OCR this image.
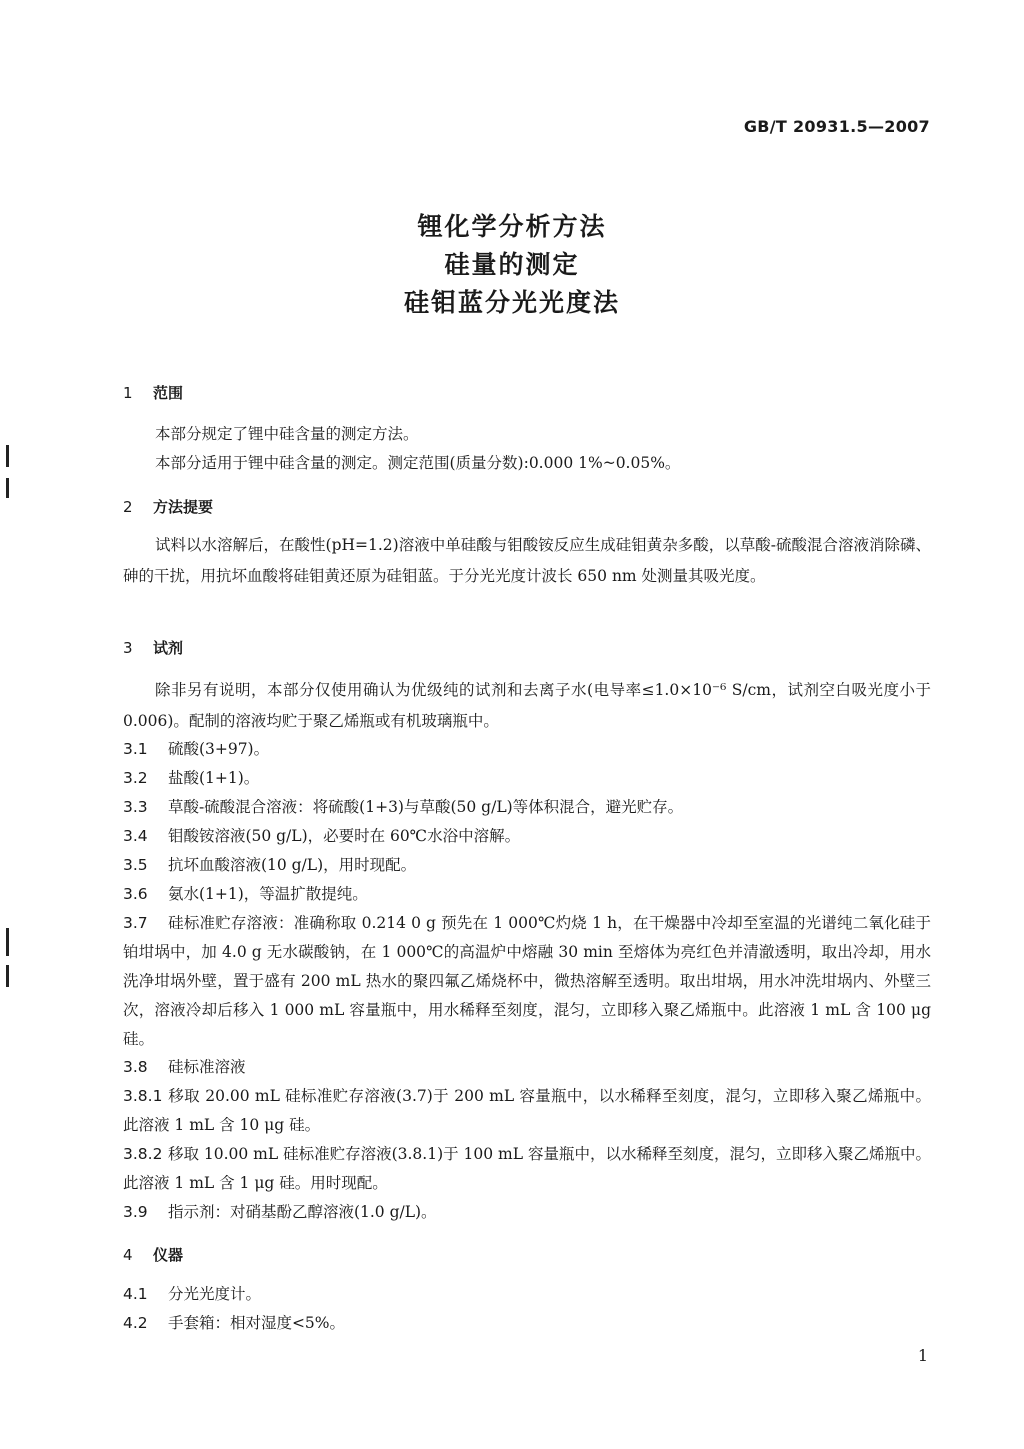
GB/T 20931.5—2007
锂化学分析方法
硅量的测定
硅钼蓝分光光度法
1 范围
本部分规定了锂中硅含量的测定方法。
本部分适用于锂中硅含量的测定。测定范围(质量分数):0.000 1%~0.05%。
2 方法提要
试料以水溶解后，在酸性(pH=1.2)溶液中单硅酸与钼酸铵反应生成硅钼黄杂多酸，以草酸-硫酸混合溶液消除磷、砷的干扰，用抗坏血酸将硅钼黄还原为硅钼蓝。于分光光度计波长 650 nm 处测量其吸光度。
3 试剂
除非另有说明，本部分仅使用确认为优级纯的试剂和去离子水(电导率≤1.0×10⁻⁶ S/cm，试剂空白吸光度小于 0.006)。配制的溶液均贮于聚乙烯瓶或有机玻璃瓶中。
3.1 硫酸(3+97)。
3.2 盐酸(1+1)。
3.3 草酸-硫酸混合溶液：将硫酸(1+3)与草酸(50 g/L)等体积混合，避光贮存。
3.4 钼酸铵溶液(50 g/L)，必要时在 60℃水浴中溶解。
3.5 抗坏血酸溶液(10 g/L)，用时现配。
3.6 氨水(1+1)，等温扩散提纯。
3.7 硅标准贮存溶液：准确称取 0.214 0 g 预先在 1 000℃灼烧 1 h，在干燥器中冷却至室温的光谱纯二氧化硅于铂坩埚中，加 4.0 g 无水碳酸钠，在 1 000℃的高温炉中熔融 30 min 至熔体为亮红色并清澈透明，取出冷却，用水洗净坩埚外壁，置于盛有 200 mL 热水的聚四氟乙烯烧杯中，微热溶解至透明。取出坩埚，用水冲洗坩埚内、外壁三次，溶液冷却后移入 1 000 mL 容量瓶中，用水稀释至刻度，混匀，立即移入聚乙烯瓶中。此溶液 1 mL 含 100 μg 硅。
3.8 硅标准溶液
3.8.1 移取 20.00 mL 硅标准贮存溶液(3.7)于 200 mL 容量瓶中，以水稀释至刻度，混匀，立即移入聚乙烯瓶中。此溶液 1 mL 含 10 μg 硅。
3.8.2 移取 10.00 mL 硅标准贮存溶液(3.8.1)于 100 mL 容量瓶中，以水稀释至刻度，混匀，立即移入聚乙烯瓶中。此溶液 1 mL 含 1 μg 硅。用时现配。
3.9 指示剂：对硝基酚乙醇溶液(1.0 g/L)。
4 仪器
4.1 分光光度计。
4.2 手套箱：相对湿度<5%。
1
